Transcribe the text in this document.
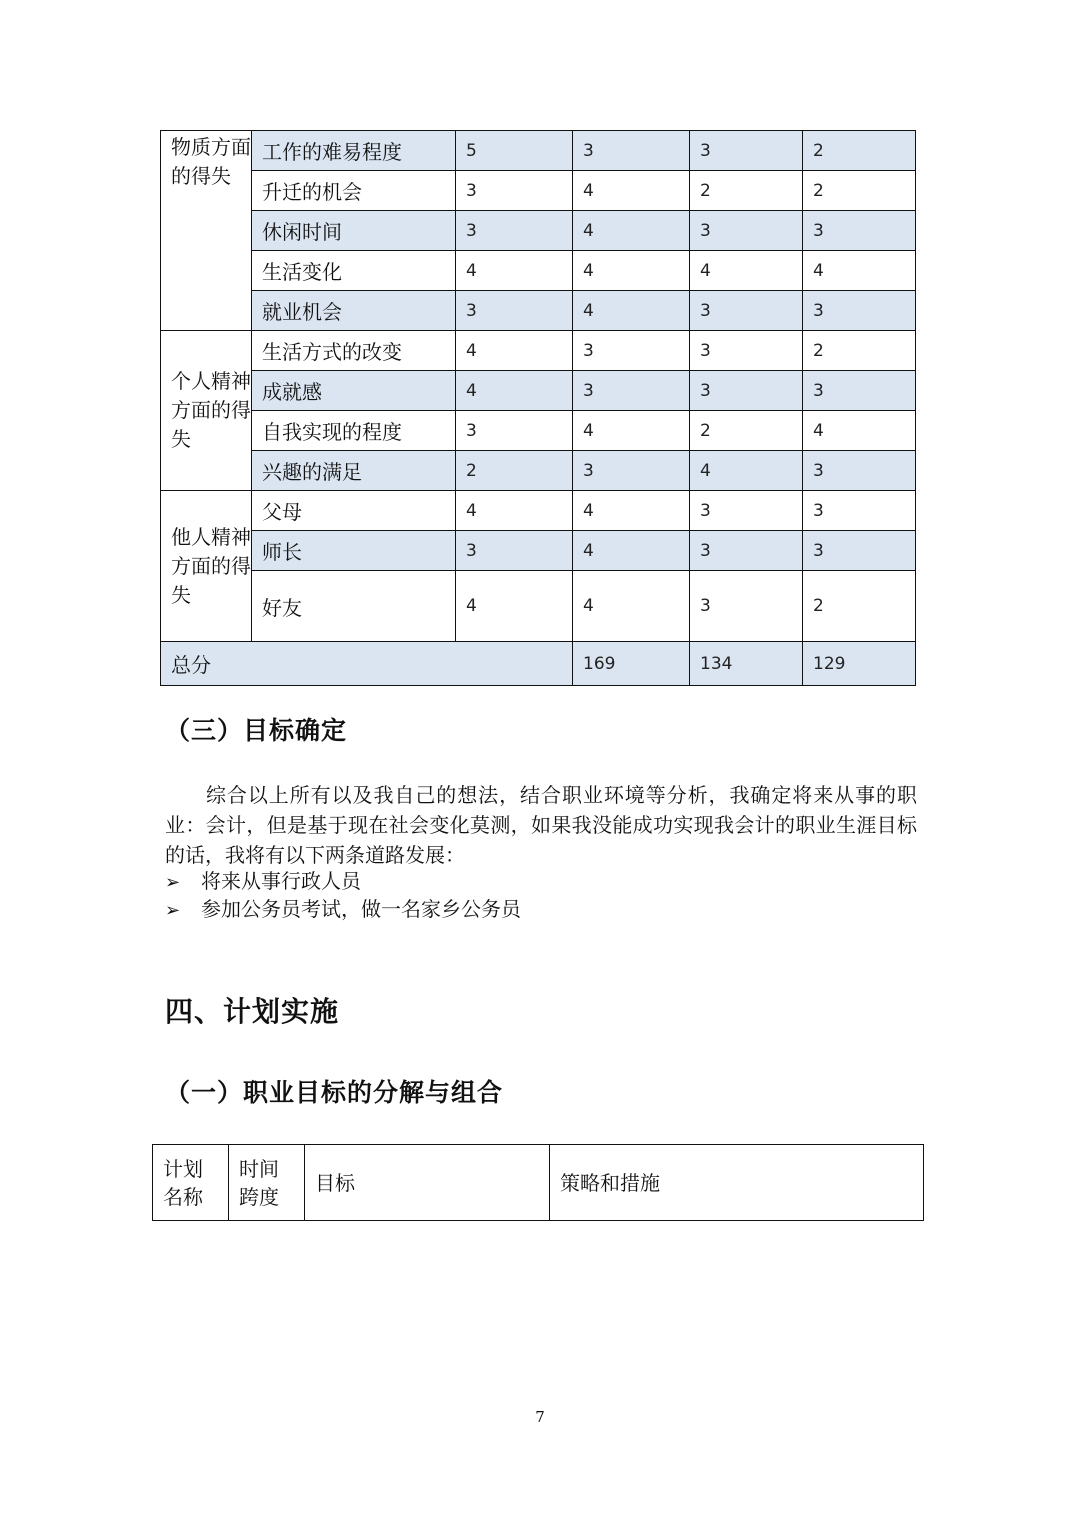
物质方面的得失	工作的难易程度	5	3	3	2
	升迁的机会	3	4	2	2
	休闲时间	3	4	3	3
	生活变化	4	4	4	4
	就业机会	3	4	3	3
个人精神方面的得失	生活方式的改变	4	3	3	2
	成就感	4	3	3	3
	自我实现的程度	3	4	2	4
	兴趣的满足	2	3	4	3
他人精神方面的得失	父母	4	4	3	3
	师长	3	4	3	3
	好友	4	4	3	2
总分			169	134	129
（三）目标确定
综合以上所有以及我自己的想法，结合职业环境等分析，我确定将来从事的职业：会计，但是基于现在社会变化莫测，如果我没能成功实现我会计的职业生涯目标的话，我将有以下两条道路发展：
➢ 将来从事行政人员
➢ 参加公务员考试，做一名家乡公务员
四、计划实施
（一）职业目标的分解与组合
计划名称	时间跨度	目标	策略和措施
7
